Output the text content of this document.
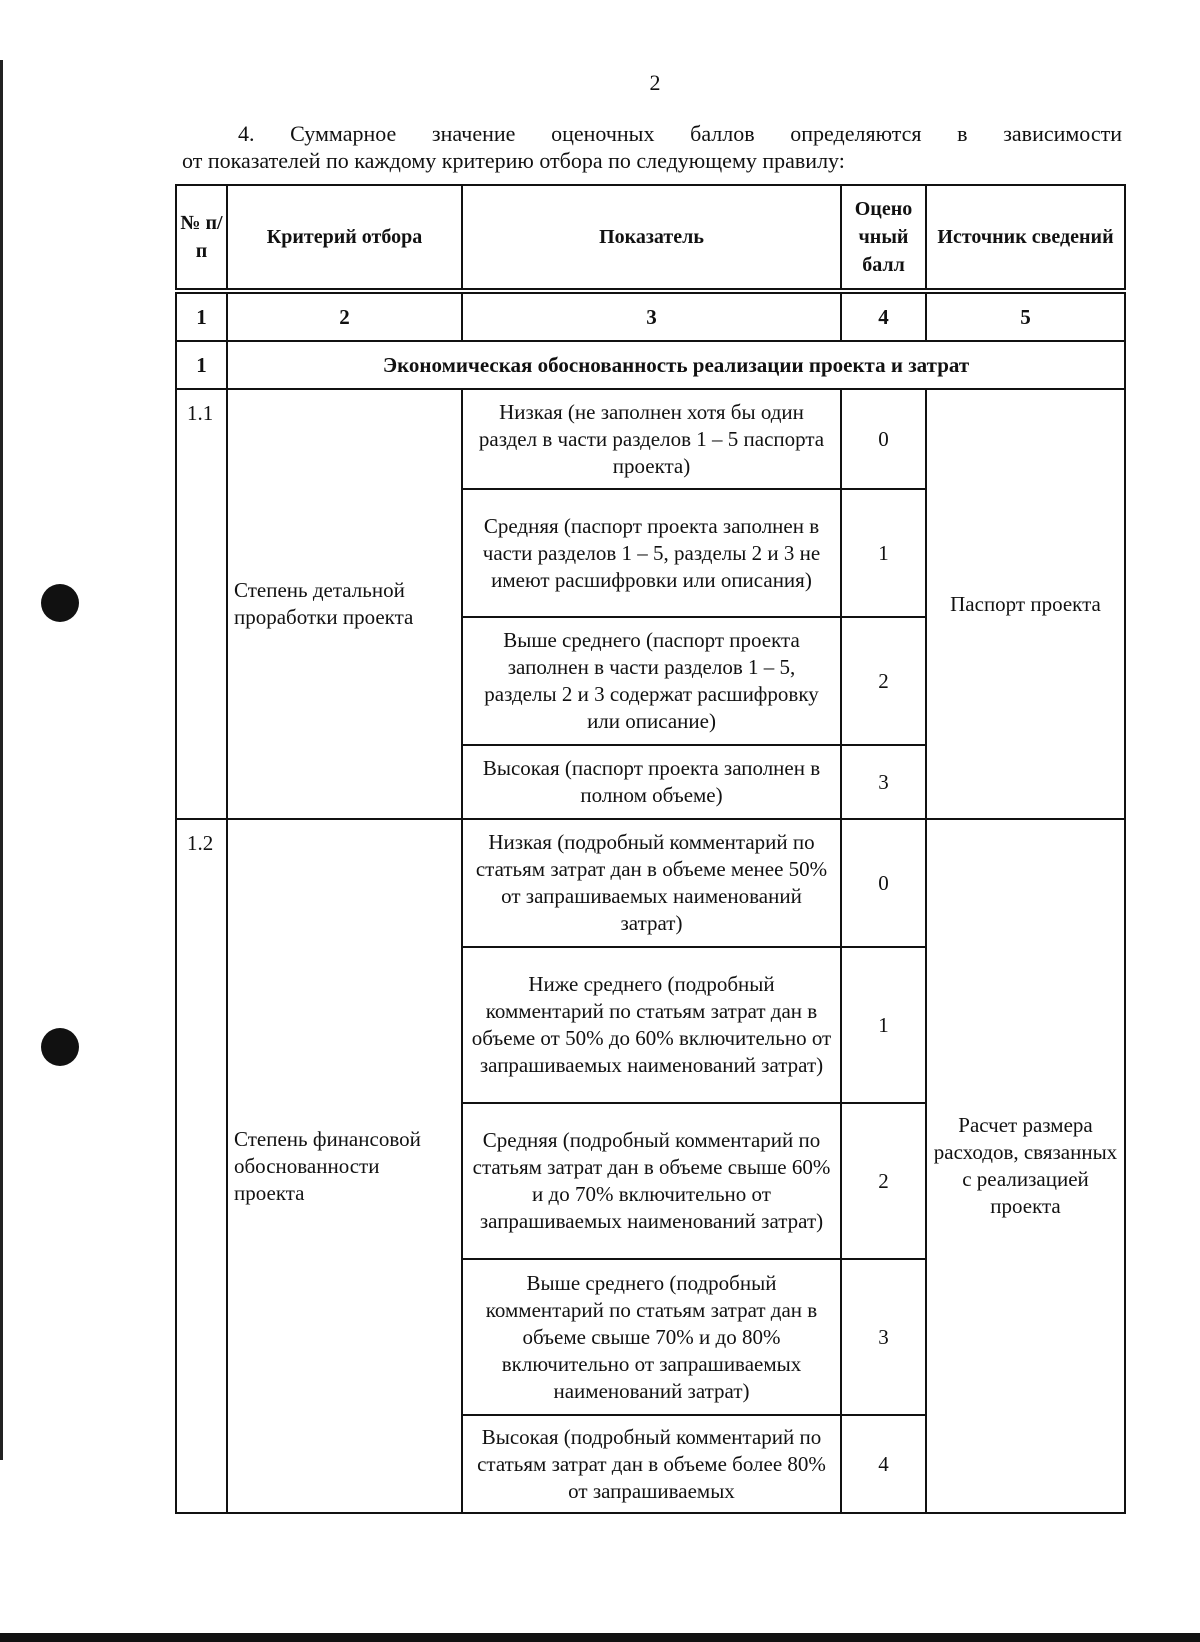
2
4. Суммарное значение оценочных баллов определяются в зависимости
от показателей по каждому критерию отбора по следующему правилу:
№ п/п	Критерий отбора	Показатель	Оцено чный балл	Источник сведений
1	2	3	4	5
1	Экономическая обоснованность реализации проекта и затрат			
1.1	Степень детальной проработки проекта	Низкая (не заполнен хотя бы один раздел в части разделов 1 – 5 паспорта проекта)	0	Паспорт проекта
		Средняя (паспорт проекта заполнен в части разделов 1 – 5, разделы 2 и 3 не имеют расшифровки или описания)	1	
		Выше среднего (паспорт проекта заполнен в части разделов 1 – 5, разделы 2 и 3 содержат расшифровку или описание)	2	
		Высокая (паспорт проекта заполнен в полном объеме)	3	
1.2	Степень финансовой обоснованности проекта	Низкая (подробный комментарий по статьям затрат дан в объеме менее 50% от запрашиваемых наименований затрат)	0	Расчет размера расходов, связанных с реализацией проекта
		Ниже среднего (подробный комментарий по статьям затрат дан в объеме от 50% до 60% включительно от запрашиваемых наименований затрат)	1	
		Средняя (подробный комментарий по статьям затрат дан в объеме свыше 60% и до 70% включительно от запрашиваемых наименований затрат)	2	
		Выше среднего (подробный комментарий по статьям затрат дан в объеме свыше 70% и до 80% включительно от запрашиваемых наименований затрат)	3	
		Высокая (подробный комментарий по статьям затрат дан в объеме более 80% от запрашиваемых	4	
